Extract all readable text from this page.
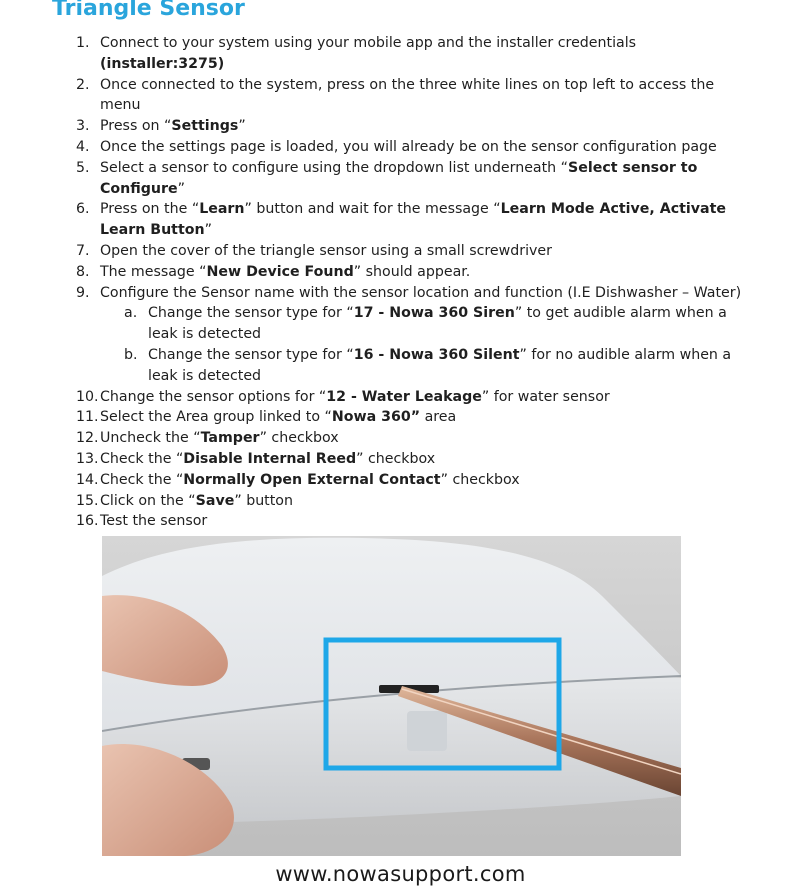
Triangle Sensor

1. Connect to your system using your mobile app and the installer credentials (installer:3275)

2. Once connected to the system, press on the three white lines on top left to access the menu

3. Press on “Settings”

4. Once the settings page is loaded, you will already be on the sensor configuration page

5. Select a sensor to configure using the dropdown list underneath “Select sensor to Configure”

6. Press on the “Learn” button and wait for the message “Learn Mode Active, Activate Learn Button”

7. Open the cover of the triangle sensor using a small screwdriver

8. The message “New Device Found” should appear.

9. Configure the Sensor name with the sensor location and function (I.E Dishwasher – Water)

a. Change the sensor type for “17 - Nowa 360 Siren” to get audible alarm when a leak is detected

b. Change the sensor type for “16 - Nowa 360 Silent” for no audible alarm when a leak is detected

10. Change the sensor options for “12 - Water Leakage” for water sensor

11. Select the Area group linked to “Nowa 360” area

12. Uncheck the “Tamper” checkbox

13. Check the “Disable Internal Reed” checkbox

14. Check the “Normally Open External Contact” checkbox

15. Click on the “Save” button

16. Test the sensor

www.nowasupport.com
